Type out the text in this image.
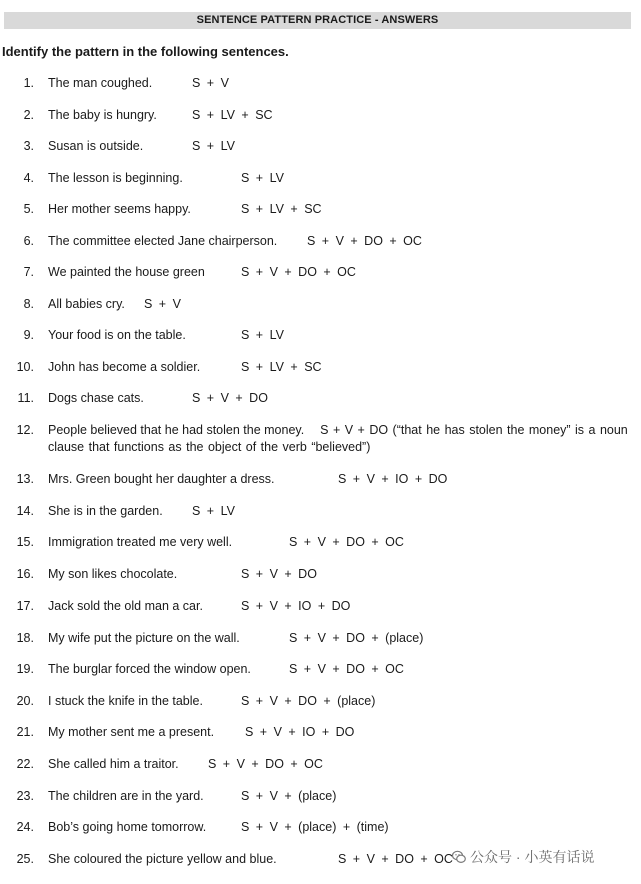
SENTENCE PATTERN PRACTICE - ANSWERS
Identify the pattern in the following sentences.
1. The man coughed.	S + V
2. The baby is hungry.	S + LV + SC
3. Susan is outside.	S + LV
4. The lesson is beginning.	S + LV
5. Her mother seems happy.	S + LV + SC
6. The committee elected Jane chairperson. S + V + DO + OC
7. We painted the house green	S + V + DO + OC
8. All babies cry. S + V
9. Your food is on the table.	S + LV
10. John has become a soldier.	S + LV + SC
11. Dogs chase cats.	S + V + DO
12. People believed that he had stolen the money.	S + V + DO (“that he has stolen the money” is a noun clause that functions as the object of the verb “believed”)
13. Mrs. Green bought her daughter a dress.	S + V + IO + DO
14. She is in the garden. S + LV
15. Immigration treated me very well.	S + V + DO + OC
16. My son likes chocolate.	S + V + DO
17. Jack sold the old man a car.	S + V + IO + DO
18. My wife put the picture on the wall.	S + V + DO + (place)
19. The burglar forced the window open.	S + V + DO + OC
20. I stuck the knife in the table.	S + V + DO + (place)
21. My mother sent me a present. S + V + IO + DO
22. She called him a traitor. S + V + DO + OC
23. The children are in the yard.	S + V + (place)
24. Bob’s going home tomorrow.	S + V + (place) + (time)
25. She coloured the picture yellow and blue.	S + V + DO + OC	公众号 · 小英有话说
